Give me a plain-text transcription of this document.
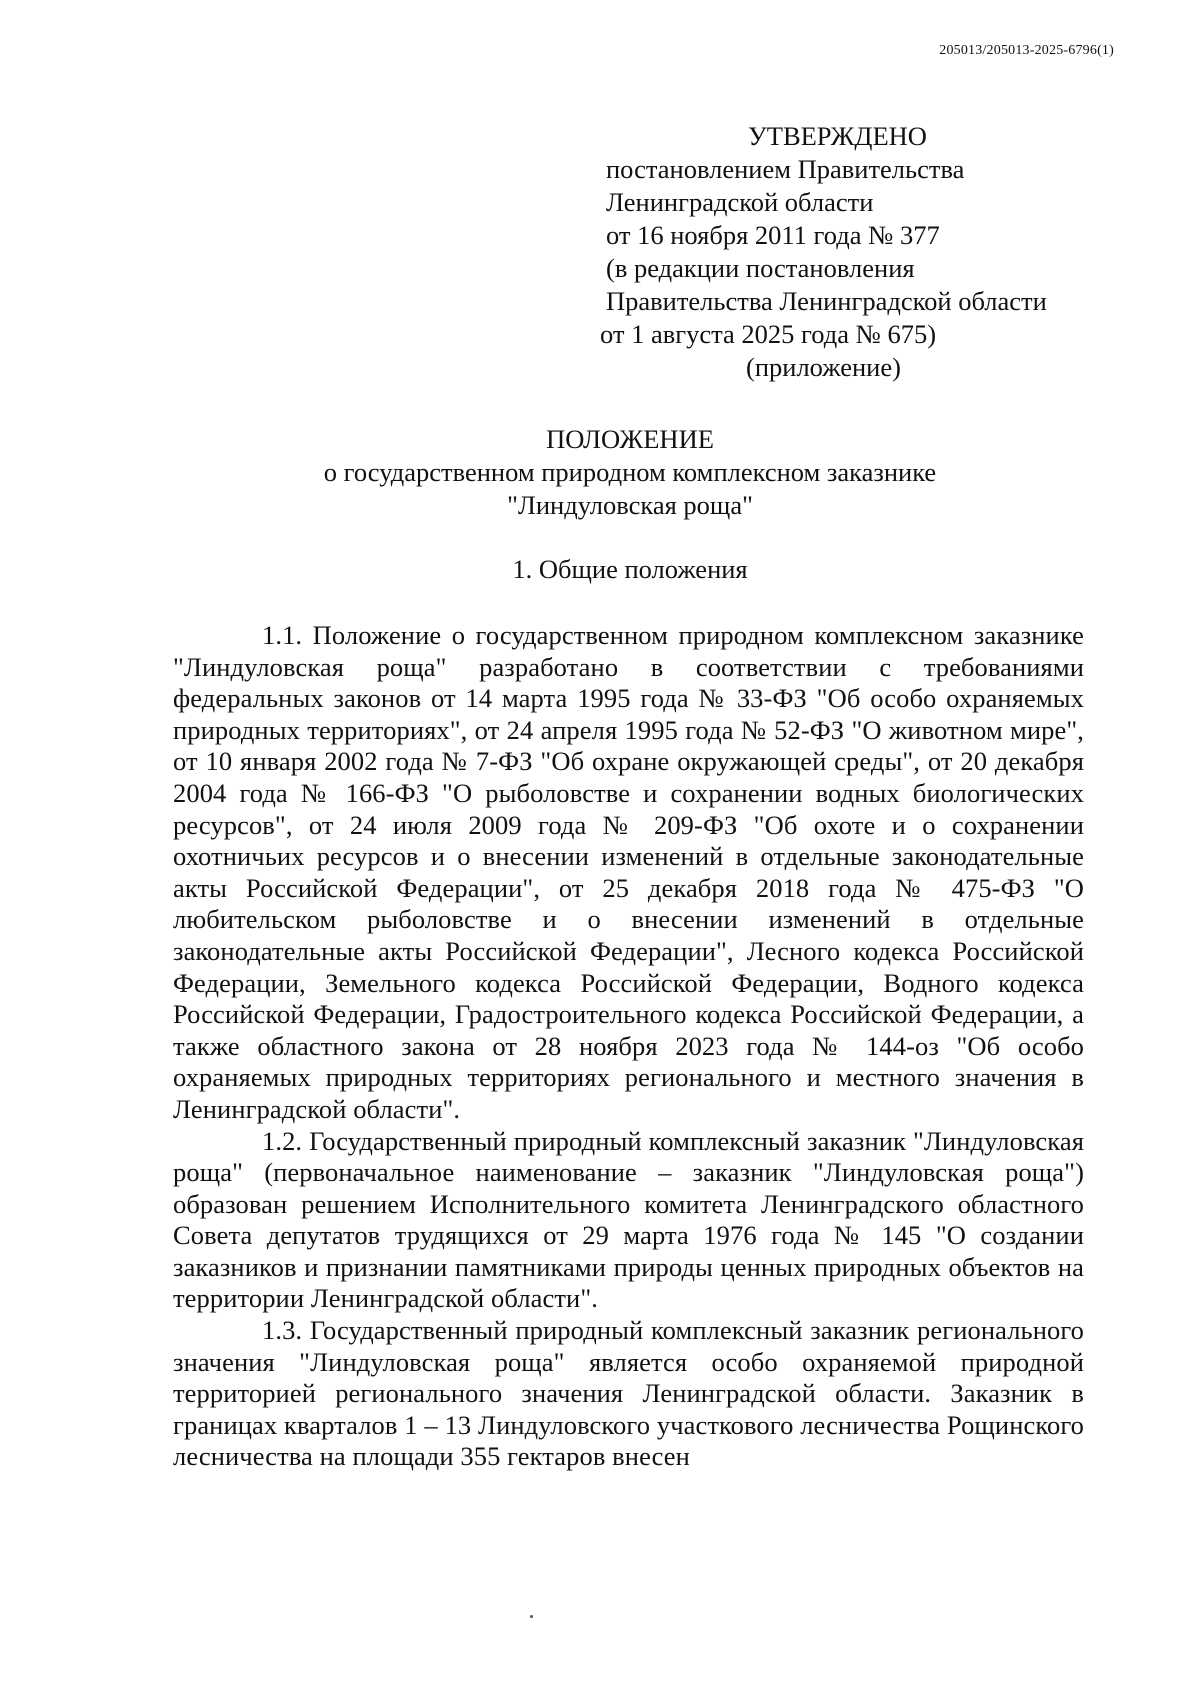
205013/205013-2025-6796(1)
УТВЕРЖДЕНО
постановлением Правительства
Ленинградской области
от 16 ноября 2011 года № 377
(в редакции постановления
Правительства Ленинградской области
от 1 августа 2025 года № 675)
(приложение)
ПОЛОЖЕНИЕ
о государственном природном комплексном заказнике
"Линдуловская роща"
1. Общие положения

1.1. Положение о государственном природном комплексном заказнике "Линдуловская роща" разработано в соответствии с требованиями федеральных законов от 14 марта 1995 года № 33-ФЗ "Об особо охраняемых природных территориях", от 24 апреля 1995 года № 52-ФЗ "О животном мире", от 10 января 2002 года № 7-ФЗ "Об охране окружающей среды", от 20 декабря 2004 года № 166-ФЗ "О рыболовстве и сохранении водных биологических ресурсов", от 24 июля 2009 года № 209-ФЗ "Об охоте и о сохранении охотничьих ресурсов и о внесении изменений в отдельные законодательные акты Российской Федерации", от 25 декабря 2018 года № 475-ФЗ "О любительском рыболовстве и о внесении изменений в отдельные законодательные акты Российской Федерации", Лесного кодекса Российской Федерации, Земельного кодекса Российской Федерации, Водного кодекса Российской Федерации, Градостроительного кодекса Российской Федерации, а также областного закона от 28 ноября 2023 года № 144-оз "Об особо охраняемых природных территориях регионального и местного значения в Ленинградской области".

1.2. Государственный природный комплексный заказник "Линдуловская роща" (первоначальное наименование – заказник "Линдуловская роща") образован решением Исполнительного комитета Ленинградского областного Совета депутатов трудящихся от 29 марта 1976 года № 145 "О создании заказников и признании памятниками природы ценных природных объектов на территории Ленинградской области".

1.3. Государственный природный комплексный заказник регионального значения "Линдуловская роща" является особо охраняемой природной территорией регионального значения Ленинградской области. Заказник в границах кварталов 1 – 13 Линдуловского участкового лесничества Рощинского лесничества на площади 355 гектаров внесен
